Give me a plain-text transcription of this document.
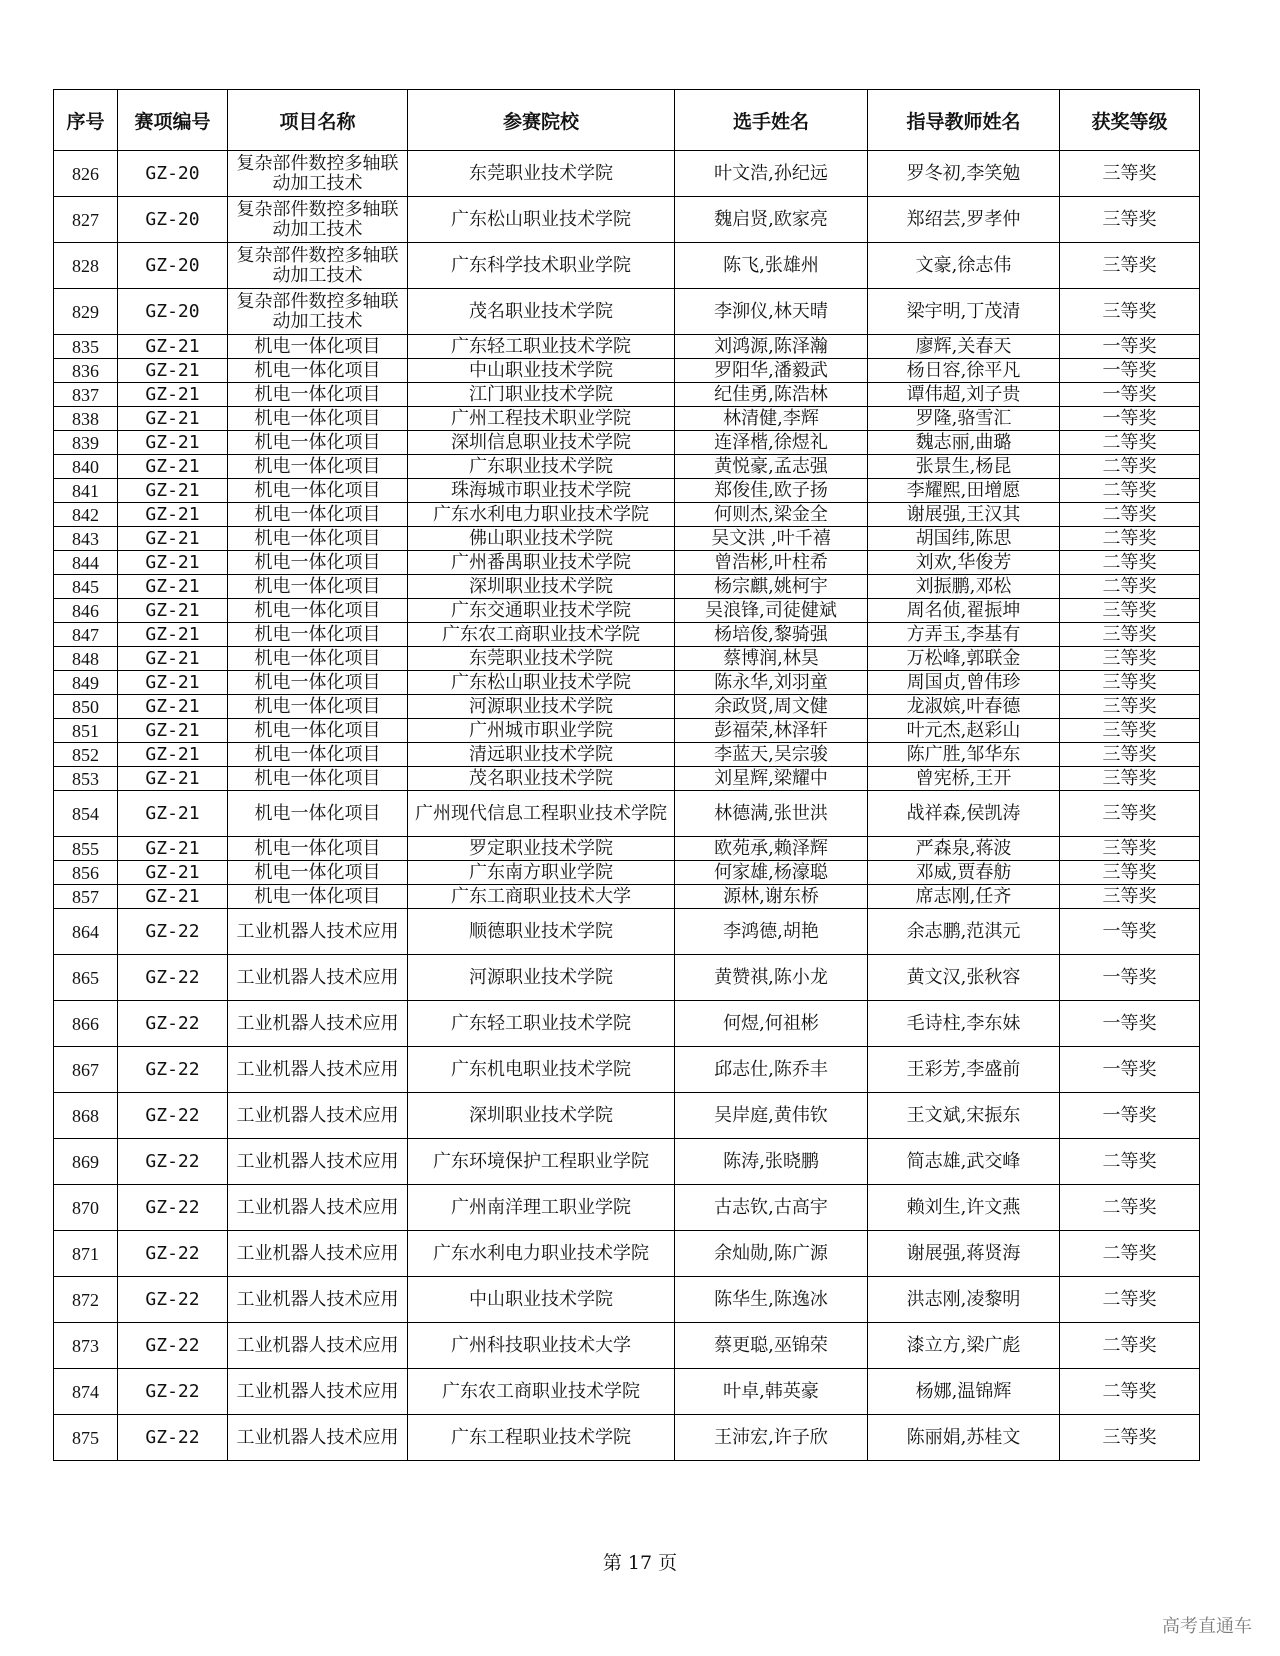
序号	赛项编号	项目名称	参赛院校	选手姓名	指导教师姓名	获奖等级
826	GZ-20	复杂部件数控多轴联动加工技术	东莞职业技术学院	叶文浩,孙纪远	罗冬初,李笑勉	三等奖
827	GZ-20	复杂部件数控多轴联动加工技术	广东松山职业技术学院	魏启贤,欧家亮	郑绍芸,罗孝仲	三等奖
828	GZ-20	复杂部件数控多轴联动加工技术	广东科学技术职业学院	陈飞,张雄州	文豪,徐志伟	三等奖
829	GZ-20	复杂部件数控多轴联动加工技术	茂名职业技术学院	李泖仪,林天晴	梁宇明,丁茂清	三等奖
835	GZ-21	机电一体化项目	广东轻工职业技术学院	刘鸿源,陈泽瀚	廖辉,关春天	一等奖
836	GZ-21	机电一体化项目	中山职业技术学院	罗阳华,潘毅武	杨日容,徐平凡	一等奖
837	GZ-21	机电一体化项目	江门职业技术学院	纪佳勇,陈浩林	谭伟超,刘子贵	一等奖
838	GZ-21	机电一体化项目	广州工程技术职业学院	林清健,李辉	罗隆,骆雪汇	一等奖
839	GZ-21	机电一体化项目	深圳信息职业技术学院	连泽楷,徐煜礼	魏志丽,曲璐	二等奖
840	GZ-21	机电一体化项目	广东职业技术学院	黄悦豪,孟志强	张景生,杨昆	二等奖
841	GZ-21	机电一体化项目	珠海城市职业技术学院	郑俊佳,欧子扬	李耀熙,田增愿	二等奖
842	GZ-21	机电一体化项目	广东水利电力职业技术学院	何则杰,梁金全	谢展强,王汉其	二等奖
843	GZ-21	机电一体化项目	佛山职业技术学院	吴文洪 ,叶千禧	胡国纬,陈思	二等奖
844	GZ-21	机电一体化项目	广州番禺职业技术学院	曾浩彬,叶柱希	刘欢,华俊芳	二等奖
845	GZ-21	机电一体化项目	深圳职业技术学院	杨宗麒,姚柯宇	刘振鹏,邓松	二等奖
846	GZ-21	机电一体化项目	广东交通职业技术学院	吴浪锋,司徒健斌	周名侦,翟振坤	三等奖
847	GZ-21	机电一体化项目	广东农工商职业技术学院	杨培俊,黎骑强	方弄玉,李基有	三等奖
848	GZ-21	机电一体化项目	东莞职业技术学院	蔡博润,林昊	万松峰,郭联金	三等奖
849	GZ-21	机电一体化项目	广东松山职业技术学院	陈永华,刘羽童	周国贞,曾伟珍	三等奖
850	GZ-21	机电一体化项目	河源职业技术学院	余政贤,周文健	龙淑嫔,叶春德	三等奖
851	GZ-21	机电一体化项目	广州城市职业学院	彭福荣,林泽轩	叶元杰,赵彩山	三等奖
852	GZ-21	机电一体化项目	清远职业技术学院	李蓝天,吴宗骏	陈广胜,邹华东	三等奖
853	GZ-21	机电一体化项目	茂名职业技术学院	刘星辉,梁耀中	曾宪桥,王开	三等奖
854	GZ-21	机电一体化项目	广州现代信息工程职业技术学院	林德满,张世洪	战祥森,侯凯涛	三等奖
855	GZ-21	机电一体化项目	罗定职业技术学院	欧苑承,赖泽辉	严森泉,蒋波	三等奖
856	GZ-21	机电一体化项目	广东南方职业学院	何家雄,杨濠聪	邓威,贾春舫	三等奖
857	GZ-21	机电一体化项目	广东工商职业技术大学	源林,谢东桥	席志刚,任齐	三等奖
864	GZ-22	工业机器人技术应用	顺德职业技术学院	李鸿德,胡艳	余志鹏,范淇元	一等奖
865	GZ-22	工业机器人技术应用	河源职业技术学院	黄赞祺,陈小龙	黄文汉,张秋容	一等奖
866	GZ-22	工业机器人技术应用	广东轻工职业技术学院	何煜,何祖彬	毛诗柱,李东妹	一等奖
867	GZ-22	工业机器人技术应用	广东机电职业技术学院	邱志仕,陈乔丰	王彩芳,李盛前	一等奖
868	GZ-22	工业机器人技术应用	深圳职业技术学院	吴岸庭,黄伟钦	王文斌,宋振东	一等奖
869	GZ-22	工业机器人技术应用	广东环境保护工程职业学院	陈涛,张晓鹏	简志雄,武交峰	二等奖
870	GZ-22	工业机器人技术应用	广州南洋理工职业学院	古志钦,古高宇	赖刘生,许文燕	二等奖
871	GZ-22	工业机器人技术应用	广东水利电力职业技术学院	余灿勋,陈广源	谢展强,蒋贤海	二等奖
872	GZ-22	工业机器人技术应用	中山职业技术学院	陈华生,陈逸冰	洪志刚,凌黎明	二等奖
873	GZ-22	工业机器人技术应用	广州科技职业技术大学	蔡更聪,巫锦荣	漆立方,梁广彪	二等奖
874	GZ-22	工业机器人技术应用	广东农工商职业技术学院	叶卓,韩英豪	杨娜,温锦辉	二等奖
875	GZ-22	工业机器人技术应用	广东工程职业技术学院	王沛宏,许子欣	陈丽娟,苏桂文	三等奖
第 17 页
高考直通车
